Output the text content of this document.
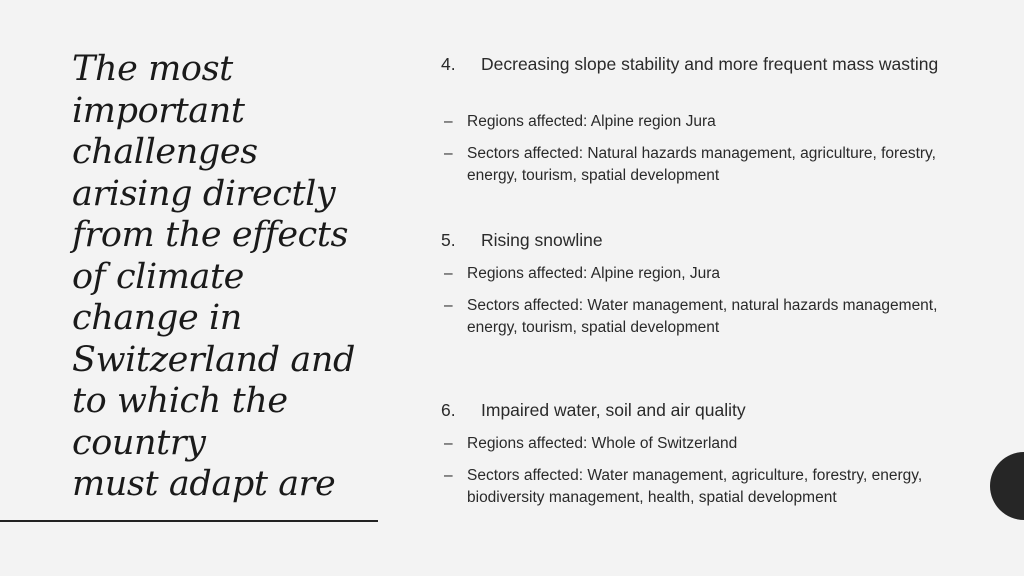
The most
important
challenges
arising directly
from the effects
of climate
change in
Switzerland and
to which the
country
must adapt are
4.	Decreasing slope stability and more frequent mass wasting
– Regions affected: Alpine region Jura
– Sectors affected: Natural hazards management, agriculture, forestry, energy, tourism, spatial development
5.	Rising snowline
– Regions affected: Alpine region, Jura
– Sectors affected: Water management, natural hazards management, energy, tourism, spatial development
6.	Impaired water, soil and air quality
– Regions affected: Whole of Switzerland
– Sectors affected: Water management, agriculture, forestry, energy, biodiversity management, health, spatial development
